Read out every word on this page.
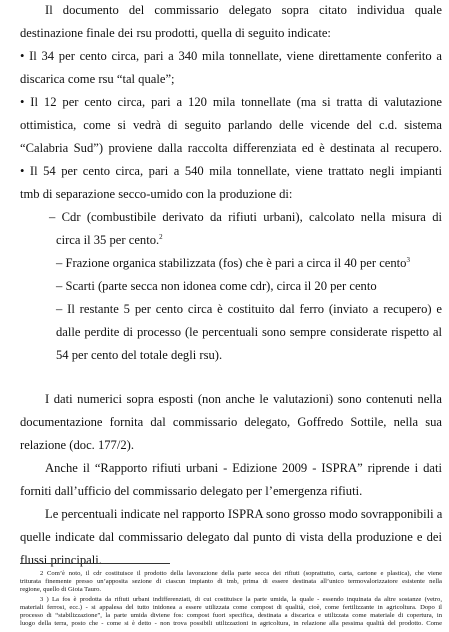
Il documento del commissario delegato sopra citato individua quale
destinazione finale dei rsu prodotti, quella di seguito indicate:
• Il 34 per cento circa, pari a 340 mila tonnellate, viene direttamente conferito a
discarica come rsu “tal quale”;
• Il 12 per cento circa, pari a 120 mila tonnellate (ma si tratta di valutazione
ottimistica, come si vedrà di seguito parlando delle vicende del c.d. sistema
“Calabria Sud”) proviene dalla raccolta differenziata ed è destinata al recupero.
• Il 54 per cento circa, pari a 540 mila tonnellate, viene trattato negli impianti
tmb di separazione secco-umido con la produzione di:
– Cdr (combustibile derivato da rifiuti urbani), calcolato nella misura di
circa il 35 per cento.$^2$
– Frazione organica stabilizzata (fos) che è pari a circa il 40 per cento$^3$
– Scarti (parte secca non idonea come cdr), circa il 20 per cento
– Il restante 5 per cento circa è costituito dal ferro (inviato a recupero) e
dalle perdite di processo (le percentuali sono sempre considerate rispetto al
54 per cento del totale degli rsu).
I dati numerici sopra esposti (non anche le valutazioni) sono contenuti nella
documentazione fornita dal commissario delegato, Goffredo Sottile, nella sua
relazione (doc. 177/2).
Anche il “Rapporto rifiuti urbani - Edizione 2009 - ISPRA” riprende i dati
forniti dall’ufficio del commissario delegato per l’emergenza rifiuti.
Le percentuali indicate nel rapporto ISPRA sono grosso modo sovrapponibili a
quelle indicate dal commissario delegato dal punto di vista della produzione e dei
flussi principali.
2 Com’è noto, il cdr costituisce il prodotto della lavorazione della parte secca dei rifiuti (soprattutto, carta, cartone e plastica), che viene
triturata finemente presso un’apposita sezione di ciascun impianto di tmb, prima di essere destinata all’unico termovalorizzatore esistente nella
regione, quello di Gioia Tauro.
3 ) La fos è prodotta da rifiuti urbani indifferenziati, di cui costituisce la parte umida, la quale - essendo inquinata da altre sostanze (vetro,
materiali ferrosi, ecc.) - si appalesa del tutto inidonea a essere utilizzata come compost di qualità, cioè, come fertilizzante in agricoltura. Dopo il
processo di “stabilizzazione”, la parte umida diviene fos: compost fuori specifica, destinata a discarica e utilizzata come materiale di copertura, in
luogo della terra, posto che - come si è detto - non trova possibili utilizzazioni in agricoltura, in relazione alla pessima qualità del prodotto. Come
